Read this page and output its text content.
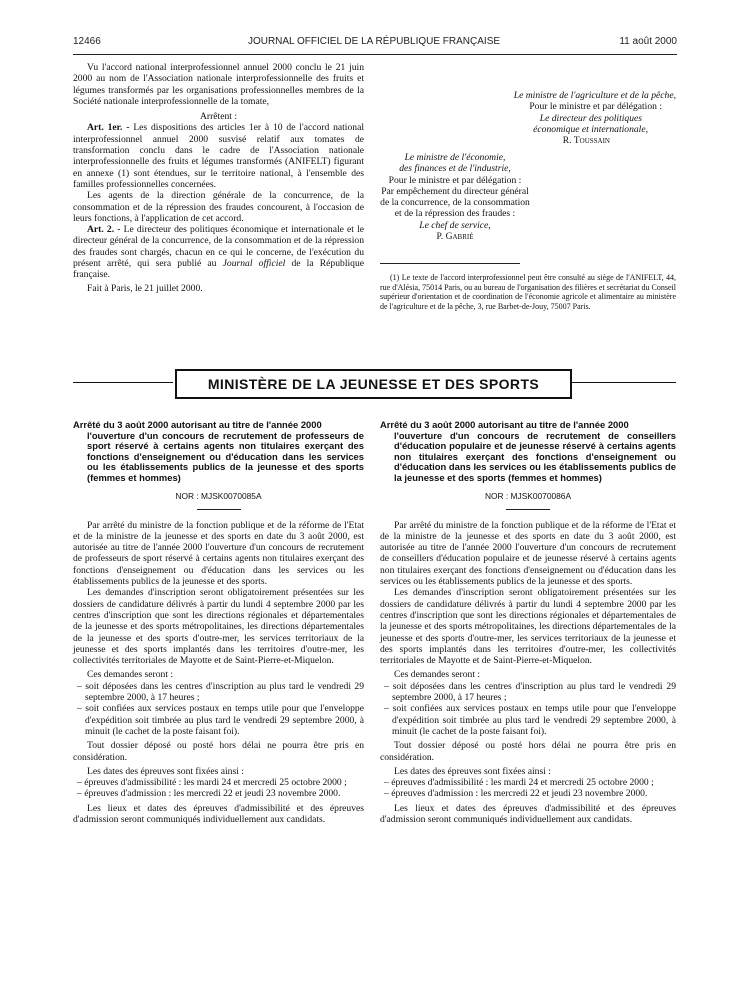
12466	JOURNAL OFFICIEL DE LA RÉPUBLIQUE FRANÇAISE	11 août 2000

Vu l'accord national interprofessionnel annuel 2000 conclu le 21 juin 2000 au nom de l'Association nationale interprofessionnelle des fruits et légumes transformés par les organisations professionnelles membres de la Société nationale interprofessionnelle de la tomate,

Arrêtent :

Art. 1er. - Les dispositions des articles 1er à 10 de l'accord national interprofessionnel annuel 2000 susvisé relatif aux tomates de transformation conclu dans le cadre de l'Association nationale interprofessionnelle des fruits et légumes transformés (ANIFELT) figurant en annexe (1) sont étendues, sur le territoire national, à l'ensemble des familles professionnelles concernées.

Les agents de la direction générale de la concurrence, de la consommation et de la répression des fraudes concourent, à l'occasion de leurs fonctions, à l'application de cet accord.

Art. 2. - Le directeur des politiques économique et internationale et le directeur général de la concurrence, de la consommation et de la répression des fraudes sont chargés, chacun en ce qui le concerne, de l'exécution du présent arrêté, qui sera publié au Journal officiel de la République française.

Fait à Paris, le 21 juillet 2000.

Le ministre de l'agriculture et de la pêche,

Pour le ministre et par délégation :

Le directeur des politiques

économique et internationale,

R. Toussain

Le ministre de l'économie,

des finances et de l'industrie,

Pour le ministre et par délégation :

Par empêchement du directeur général

de la concurrence, de la consommation

et de la répression des fraudes :

Le chef de service,

P. Gabrié

(1) Le texte de l'accord interprofessionnel peut être consulté au siège de l'ANIFELT, 44, rue d'Alésia, 75014 Paris, ou au bureau de l'organisation des filières et secrétariat du Conseil supérieur d'orientation et de coordination de l'économie agricole et alimentaire au ministère de l'agriculture et de la pêche, 3, rue Barbet-de-Jouy, 75007 Paris.

MINISTÈRE DE LA JEUNESSE ET DES SPORTS

Arrêté du 3 août 2000 autorisant au titre de l'année 2000
l'ouverture d'un concours de recrutement de professeurs de sport réservé à certains agents non titulaires exerçant des fonctions d'enseignement ou d'éducation dans les services ou les établissements publics de la jeunesse et des sports (femmes et hommes)

NOR : MJSK0070085A

Par arrêté du ministre de la fonction publique et de la réforme de l'Etat et de la ministre de la jeunesse et des sports en date du 3 août 2000, est autorisée au titre de l'année 2000 l'ouverture d'un concours de recrutement de professeurs de sport réservé à certains agents non titulaires exerçant des fonctions d'enseignement ou d'éducation dans les services ou les établissements publics de la jeunesse et des sports.

Les demandes d'inscription seront obligatoirement présentées sur les dossiers de candidature délivrés à partir du lundi 4 septembre 2000 par les centres d'inscription que sont les directions régionales et départementales de la jeunesse et des sports métropolitaines, les directions départementales de la jeunesse et des sports d'outre-mer, les services territoriaux de la jeunesse et des sports implantés dans les territoires d'outre-mer, les collectivités territoriales de Mayotte et de Saint-Pierre-et-Miquelon.

Ces demandes seront :

– soit déposées dans les centres d'inscription au plus tard le vendredi 29 septembre 2000, à 17 heures ;

– soit confiées aux services postaux en temps utile pour que l'enveloppe d'expédition soit timbrée au plus tard le vendredi 29 septembre 2000, à minuit (le cachet de la poste faisant foi).

Tout dossier déposé ou posté hors délai ne pourra être pris en considération.

Les dates des épreuves sont fixées ainsi :

– épreuves d'admissibilité : les mardi 24 et mercredi 25 octobre 2000 ;

– épreuves d'admission : les mercredi 22 et jeudi 23 novembre 2000.

Les lieux et dates des épreuves d'admissibilité et des épreuves d'admission seront communiqués individuellement aux candidats.

Arrêté du 3 août 2000 autorisant au titre de l'année 2000
l'ouverture d'un concours de recrutement de conseillers d'éducation populaire et de jeunesse réservé à certains agents non titulaires exerçant des fonctions d'enseignement ou d'éducation dans les services ou les établissements publics de la jeunesse et des sports (femmes et hommes)

NOR : MJSK0070086A

Par arrêté du ministre de la fonction publique et de la réforme de l'Etat et de la ministre de la jeunesse et des sports en date du 3 août 2000, est autorisée au titre de l'année 2000 l'ouverture d'un concours de recrutement de conseillers d'éducation populaire et de jeunesse réservé à certains agents non titulaires exerçant des fonctions d'enseignement ou d'éducation dans les services ou les établissements publics de la jeunesse et des sports.

Les demandes d'inscription seront obligatoirement présentées sur les dossiers de candidature délivrés à partir du lundi 4 septembre 2000 par les centres d'inscription que sont les directions régionales et départementales de la jeunesse et des sports métropolitaines, les directions départementales de la jeunesse et des sports d'outre-mer, les services territoriaux de la jeunesse et des sports implantés dans les territoires d'outre-mer, les collectivités territoriales de Mayotte et de Saint-Pierre-et-Miquelon.

Ces demandes seront :

– soit déposées dans les centres d'inscription au plus tard le vendredi 29 septembre 2000, à 17 heures ;

– soit confiées aux services postaux en temps utile pour que l'enveloppe d'expédition soit timbrée au plus tard le vendredi 29 septembre 2000, à minuit (le cachet de la poste faisant foi).

Tout dossier déposé ou posté hors délai ne pourra être pris en considération.

Les dates des épreuves sont fixées ainsi :

– épreuves d'admissibilité : les mardi 24 et mercredi 25 octobre 2000 ;

– épreuves d'admission : les mercredi 22 et jeudi 23 novembre 2000.

Les lieux et dates des épreuves d'admissibilité et des épreuves d'admission seront communiqués individuellement aux candidats.
